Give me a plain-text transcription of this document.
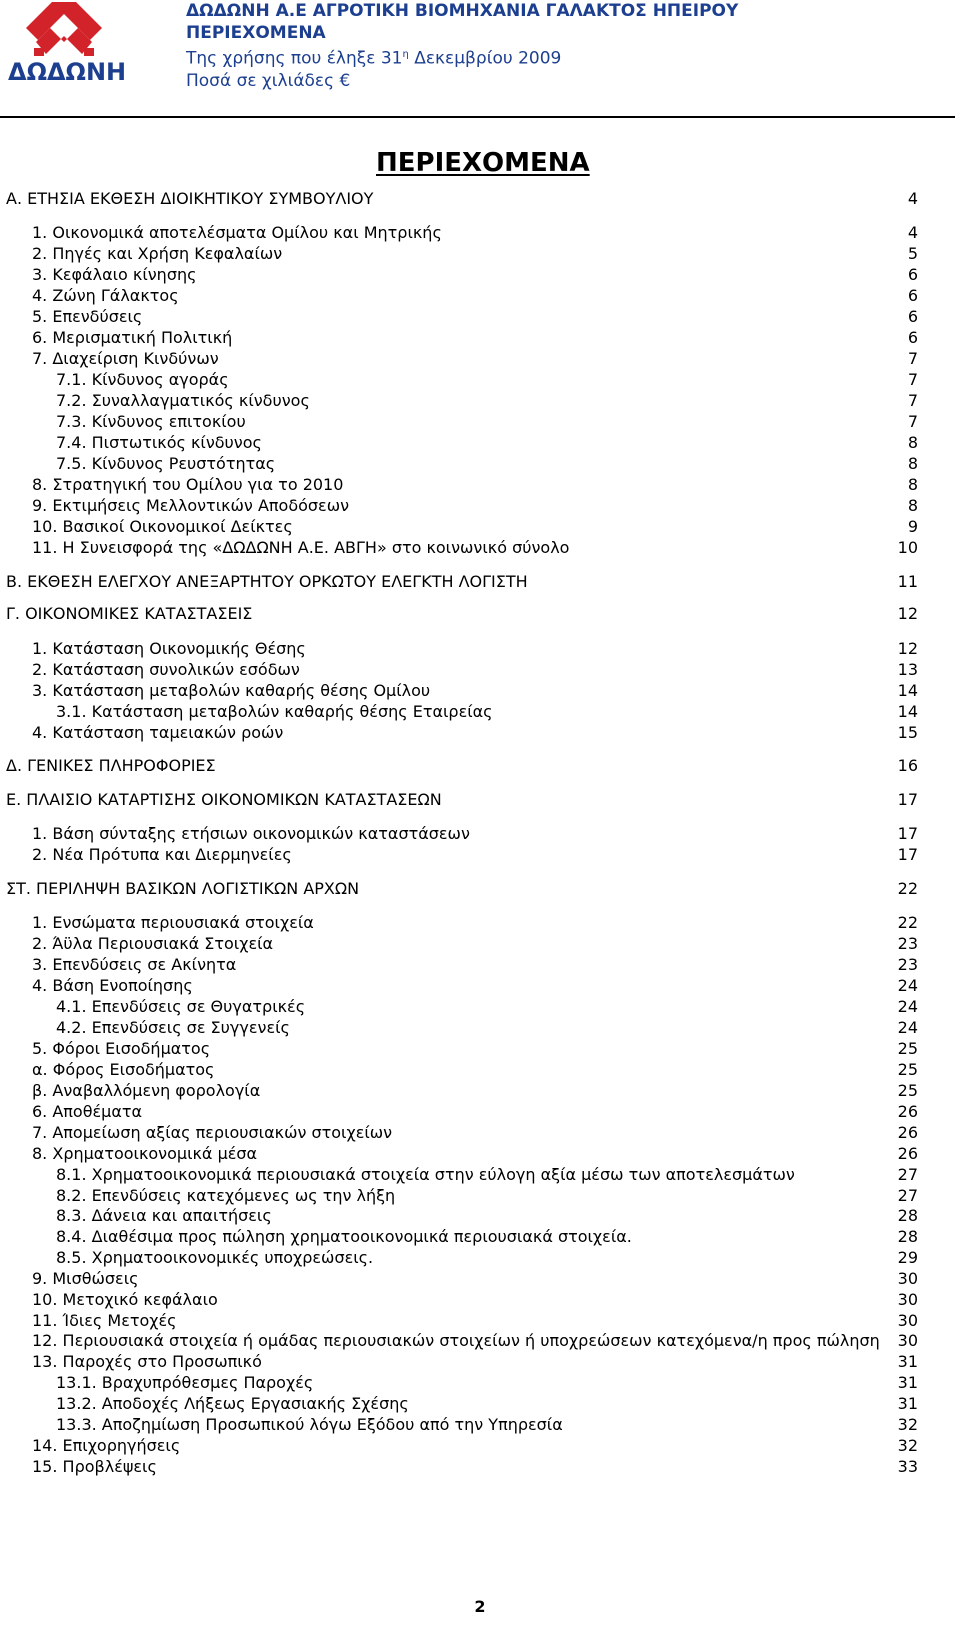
ΔΩΔΩΝΗ
ΔΩΔΩΝΗ Α.Ε ΑΓΡΟΤΙΚΗ ΒΙΟΜΗΧΑΝΙΑ ΓΑΛΑΚΤΟΣ ΗΠΕΙΡΟΥ
ΠΕΡΙΕΧΟΜΕΝΑ
Της χρήσης που έληξε $31^\eta$ Δεκεμβρίου 2009
Ποσά σε χιλιάδες €
ΠΕΡΙΕΧΟΜΕΝΑ
Α. ΕΤΗΣΙΑ ΕΚΘΕΣΗ ΔΙΟΙΚΗΤΙΚΟΥ ΣΥΜΒΟΥΛΙΟΥ	4
1. Οικονομικά αποτελέσματα Ομίλου και Μητρικής	4
2. Πηγές και Χρήση Κεφαλαίων	5
3. Κεφάλαιο κίνησης	6
4. Ζώνη Γάλακτος	6
5. Επενδύσεις	6
6. Μερισματική Πολιτική	6
7. Διαχείριση Κινδύνων	7
7.1. Κίνδυνος αγοράς	7
7.2. Συναλλαγματικός κίνδυνος	7
7.3. Κίνδυνος επιτοκίου	7
7.4. Πιστωτικός κίνδυνος	8
7.5. Κίνδυνος Ρευστότητας	8
8. Στρατηγική του Ομίλου για το 2010	8
9. Εκτιμήσεις Μελλοντικών Αποδόσεων	8
10. Βασικοί Οικονομικοί Δείκτες	9
11. Η Συνεισφορά της «ΔΩΔΩΝΗ Α.Ε. ΑΒΓΗ» στο κοινωνικό σύνολο	10
Β. ΕΚΘΕΣΗ ΕΛΕΓΧΟΥ ΑΝΕΞΑΡΤΗΤΟΥ ΟΡΚΩΤΟΥ ΕΛΕΓΚΤΗ ΛΟΓΙΣΤΗ	11
Γ. ΟΙΚΟΝΟΜΙΚΕΣ ΚΑΤΑΣΤΑΣΕΙΣ	12
1. Κατάσταση Οικονομικής Θέσης	12
2. Κατάσταση συνολικών εσόδων	13
3. Κατάσταση μεταβολών καθαρής θέσης Ομίλου	14
3.1. Κατάσταση μεταβολών καθαρής θέσης Εταιρείας	14
4. Κατάσταση ταμειακών ροών	15
Δ. ΓΕΝΙΚΕΣ ΠΛΗΡΟΦΟΡΙΕΣ	16
Ε. ΠΛΑΙΣΙΟ ΚΑΤΑΡΤΙΣΗΣ ΟΙΚΟΝΟΜΙΚΩΝ ΚΑΤΑΣΤΑΣΕΩΝ	17
1. Βάση σύνταξης ετήσιων οικονομικών καταστάσεων	17
2. Νέα Πρότυπα και Διερμηνείες	17
ΣΤ. ΠΕΡΙΛΗΨΗ ΒΑΣΙΚΩΝ ΛΟΓΙΣΤΙΚΩΝ ΑΡΧΩΝ	22
1. Ενσώματα περιουσιακά στοιχεία	22
2. Άϋλα Περιουσιακά Στοιχεία	23
3. Επενδύσεις σε Ακίνητα	23
4. Βάση Ενοποίησης	24
4.1. Επενδύσεις σε Θυγατρικές	24
4.2. Επενδύσεις σε Συγγενείς	24
5. Φόροι Εισοδήματος	25
α. Φόρος Εισοδήματος	25
β. Αναβαλλόμενη φορολογία	25
6. Αποθέματα	26
7. Απομείωση αξίας περιουσιακών στοιχείων	26
8. Χρηματοοικονομικά μέσα	26
8.1. Χρηματοοικονομικά περιουσιακά στοιχεία στην εύλογη αξία μέσω των αποτελεσμάτων	27
8.2. Επενδύσεις κατεχόμενες ως την λήξη	27
8.3. Δάνεια και απαιτήσεις	28
8.4. Διαθέσιμα προς πώληση χρηματοοικονομικά περιουσιακά στοιχεία.	28
8.5. Χρηματοοικονομικές υποχρεώσεις.	29
9. Μισθώσεις	30
10. Μετοχικό κεφάλαιο	30
11. Ίδιες Μετοχές	30
12. Περιουσιακά στοιχεία ή ομάδας περιουσιακών στοιχείων ή υποχρεώσεων κατεχόμενα/η προς πώληση 30
13. Παροχές στο Προσωπικό	31
13.1. Βραχυπρόθεσμες Παροχές	31
13.2. Αποδοχές Λήξεως Εργασιακής Σχέσης	31
13.3. Αποζημίωση Προσωπικού λόγω Εξόδου από την Υπηρεσία	32
14. Επιχορηγήσεις	32
15. Προβλέψεις	33
2
